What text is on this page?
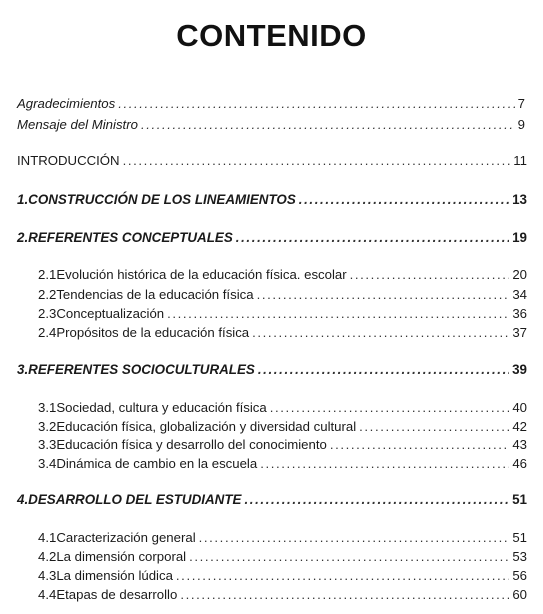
CONTENIDO
Agradecimientos .....	7
Mensaje del Ministro .....	9
INTRODUCCIÓN .....	11
1. CONSTRUCCIÓN DE LOS LINEAMIENTOS .....	13
2. REFERENTES CONCEPTUALES .....	19
2.1 Evolución histórica de la educación física. escolar .....	20
2.2 Tendencias de la educación física .....	34
2.3 Conceptualización .....	36
2.4 Propósitos de la educación física .....	37
3. REFERENTES SOCIOCULTURALES .....	39
3.1 Sociedad, cultura y educación física .....	40
3.2 Educación física, globalización y diversidad cultural .....	42
3.3 Educación física y desarrollo del conocimiento .....	43
3.4 Dinámica de cambio en la escuela .....	46
4. DESARROLLO DEL ESTUDIANTE .....	51
4.1 Caracterización general .....	51
4.2 La dimensión corporal .....	53
4.3 La dimensión lúdica .....	56
4.4 Etapas de desarrollo .....	60
